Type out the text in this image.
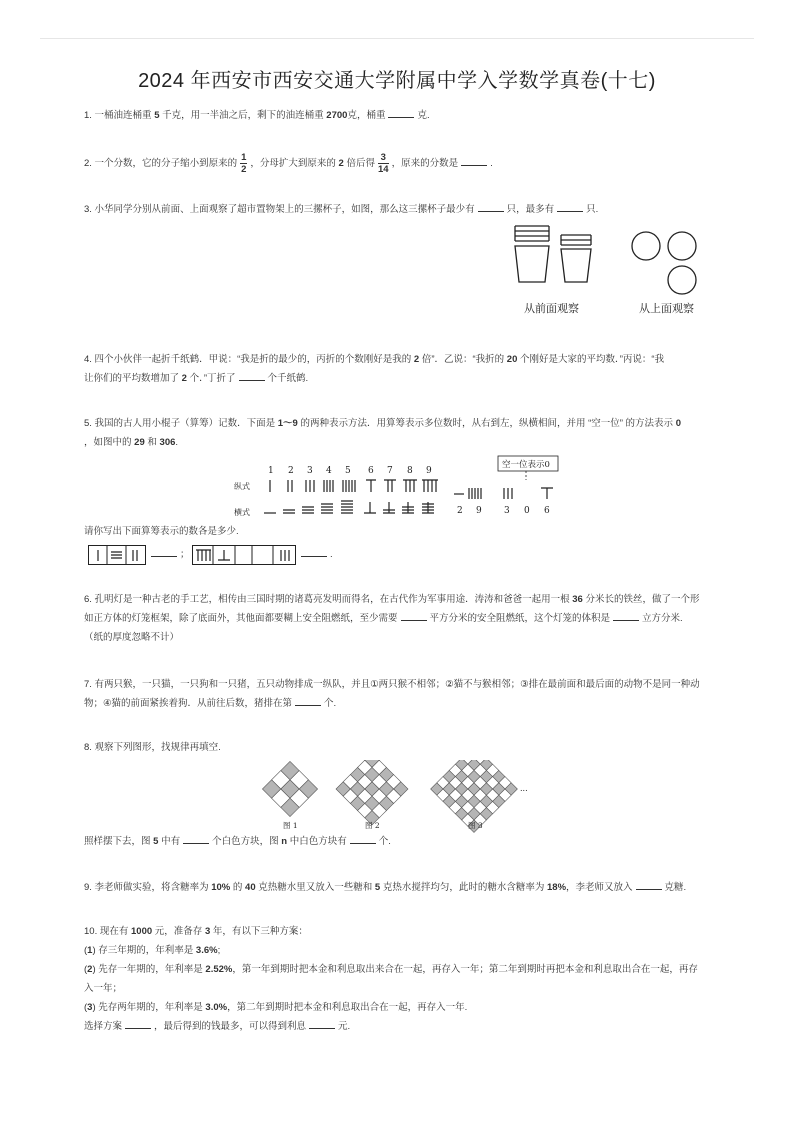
2024 年西安市西安交通大学附属中学入学数学真卷(十七)
1. 一桶油连桶重 5 千克，用一半油之后，剩下的油连桶重 2700克，桶重	克.
2. 一个分数，它的分子缩小到原来的 $\frac{1}{2}$ ，分母扩大到原来的 2 倍后得 $\frac{3}{14}$ ，原来的分数是	.
3. 小华同学分别从前面、上面观察了超市置物架上的三摞杯子，如图，那么这三摞杯子最少有	只，最多有	只.
从前面观察	从上面观察
4. 四个小伙伴一起折千纸鹤．甲说：“我是折的最少的，丙折的个数刚好是我的 2 倍”．乙说：“我折的 20 个刚好是大家的平均数．”丙说：“我
让你们的平均数增加了 2 个．”丁折了	个千纸鹤.
5. 我国的古人用小棍子（算筹）记数．下面是 1～9 的两种表示方法．用算筹表示多位数时，从右到左，纵横相间，并用 “空一位” 的方法表示 0
，如图中的 29 和 306.
1 2 3 4 5 6 7 8 9
纵式
横式
空一位表示0
2 9 3 0 6
请你写出下面算筹表示的数各是多少.
；	.
6. 孔明灯是一种古老的手工艺，相传由三国时期的诸葛亮发明而得名，在古代作为军事用途．涛涛和爸爸一起用一根 36 分米长的铁丝，做了一个形
如正方体的灯笼框架，除了底面外，其他面都要糊上安全阻燃纸，至少需要	平方分米的安全阻燃纸，这个灯笼的体积是	立方分米.
（纸的厚度忽略不计）
7. 有两只猴，一只猫，一只狗和一只猪，五只动物排成一纵队，并且①两只猴不相邻；②猫不与猴相邻；③排在最前面和最后面的动物不是同一种动
物；④猫的前面紧挨着狗．从前往后数，猪排在第	个.
8. 观察下列图形，找规律再填空.
图 1	图 2	图 3
...
照样摆下去，图 5 中有	个白色方块，图 n 中白色方块有	个.
9. 李老师做实验，将含糖率为 10% 的 40 克热糖水里又放入一些糖和 5 克热水搅拌均匀，此时的糖水含糖率为 18%，李老师又放入	克糖.
10. 现在有 1000 元，准备存 3 年，有以下三种方案：
(1) 存三年期的，年利率是 3.6%;
(2) 先存一年期的，年利率是 2.52%，第一年到期时把本金和利息取出来合在一起，再存入一年；第二年到期时再把本金和利息取出合在一起，再存
入一年；
(3) 先存两年期的，年利率是 3.0%，第二年到期时把本金和利息取出合在一起，再存入一年.
选择方案	，最后得到的钱最多，可以得到利息	元.
